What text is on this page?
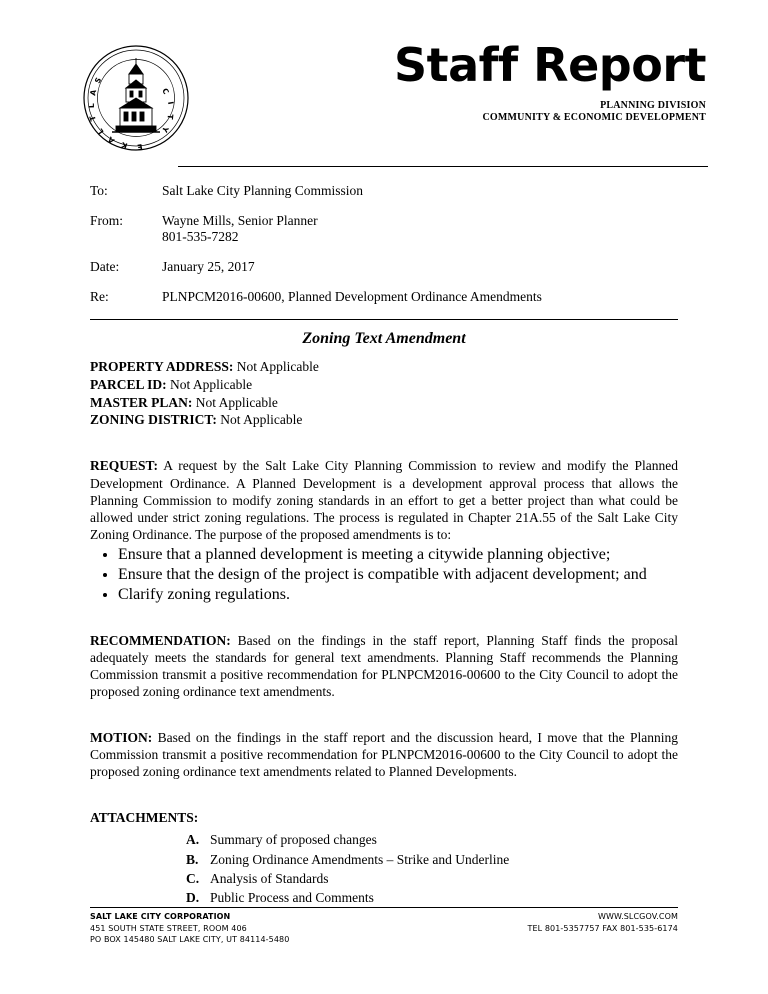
S
A
L
T
L
A K E
C
I
T
Y
Staff Report
PLANNING DIVISION
COMMUNITY & ECONOMIC DEVELOPMENT
To:	Salt Lake City Planning Commission
From:	Wayne Mills, Senior Planner
801-535-7282
Date:	January 25, 2017
Re:	PLNPCM2016-00600, Planned Development Ordinance Amendments
Zoning Text Amendment
PROPERTY ADDRESS: Not Applicable
PARCEL ID: Not Applicable
MASTER PLAN: Not Applicable
ZONING DISTRICT: Not Applicable
REQUEST: A request by the Salt Lake City Planning Commission to review and modify the Planned Development Ordinance. A Planned Development is a development approval process that allows the Planning Commission to modify zoning standards in an effort to get a better project than what could be allowed under strict zoning regulations. The process is regulated in Chapter 21A.55 of the Salt Lake City Zoning Ordinance. The purpose of the proposed amendments is to:
• Ensure that a planned development is meeting a citywide planning objective;
• Ensure that the design of the project is compatible with adjacent development; and
• Clarify zoning regulations.
RECOMMENDATION: Based on the findings in the staff report, Planning Staff finds the proposal adequately meets the standards for general text amendments. Planning Staff recommends the Planning Commission transmit a positive recommendation for PLNPCM2016-00600 to the City Council to adopt the proposed zoning ordinance text amendments.
MOTION: Based on the findings in the staff report and the discussion heard, I move that the Planning Commission transmit a positive recommendation for PLNPCM2016-00600 to the City Council to adopt the proposed zoning ordinance text amendments related to Planned Developments.
ATTACHMENTS:
A. Summary of proposed changes
B. Zoning Ordinance Amendments – Strike and Underline
C. Analysis of Standards
D. Public Process and Comments
SALT LAKE CITY CORPORATION
451 SOUTH STATE STREET, ROOM 406
PO BOX 145480 SALT LAKE CITY, UT 84114-5480
WWW.SLCGOV.COM
TEL 801-5357757 FAX 801-535-6174
